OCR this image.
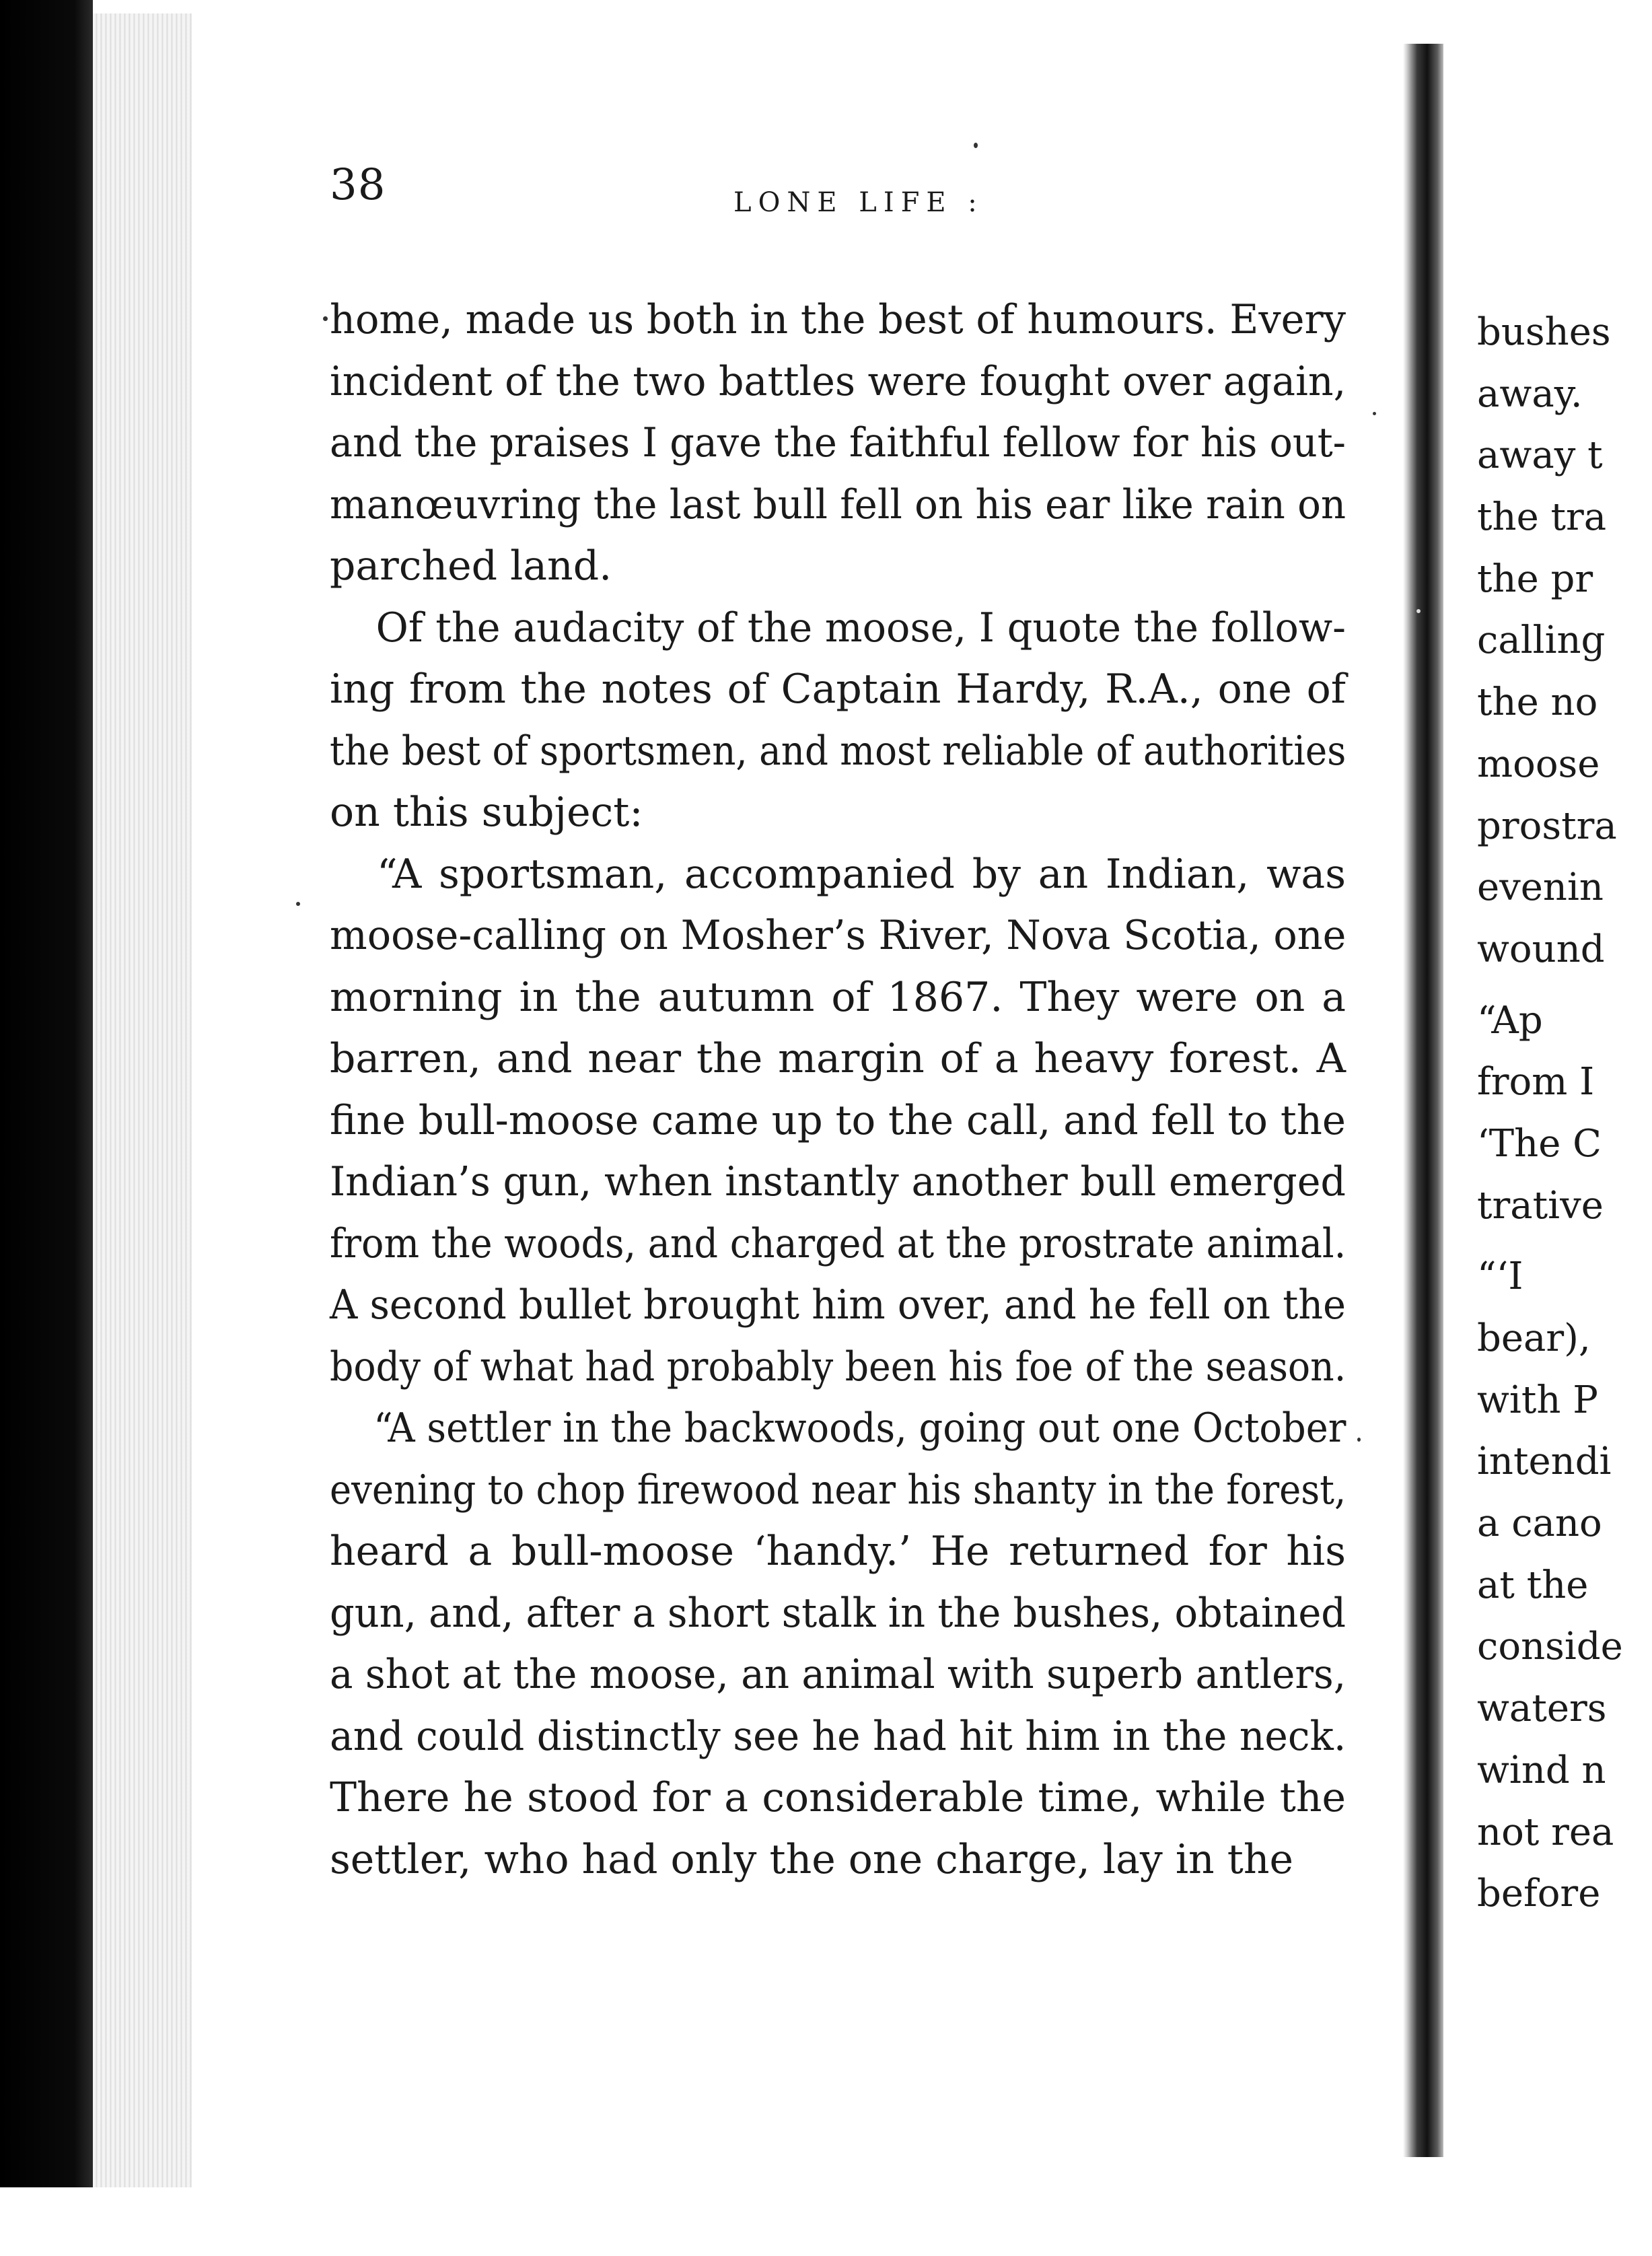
38	LONE LIFE :
home, made us both in the best of humours. Every
incident of the two battles were fought over again,
and the praises I gave the faithful fellow for his out-
manœuvring the last bull fell on his ear like rain on
parched land.
Of the audacity of the moose, I quote the follow-
ing from the notes of Captain Hardy, R.A., one of
the best of sportsmen, and most reliable of authorities
on this subject:
“A sportsman, accompanied by an Indian, was
moose-calling on Mosher’s River, Nova Scotia, one
morning in the autumn of 1867. They were on a
barren, and near the margin of a heavy forest. A
fine bull-moose came up to the call, and fell to the
Indian’s gun, when instantly another bull emerged
from the woods, and charged at the prostrate animal.
A second bullet brought him over, and he fell on the
body of what had probably been his foe of the season.
“A settler in the backwoods, going out one October
evening to chop firewood near his shanty in the forest,
heard a bull-moose ‘handy.’ He returned for his
gun, and, after a short stalk in the bushes, obtained
a shot at the moose, an animal with superb antlers,
and could distinctly see he had hit him in the neck.
There he stood for a considerable time, while the
settler, who had only the one charge, lay in the
bushes
away.
away t
the tra
the pr
calling
the no
moose
prostra
evenin
wound
“Ap
from I
‘The C
trative
“‘I
bear),
with P
intendi
a cano
at the
conside
waters
wind n
not rea
before
